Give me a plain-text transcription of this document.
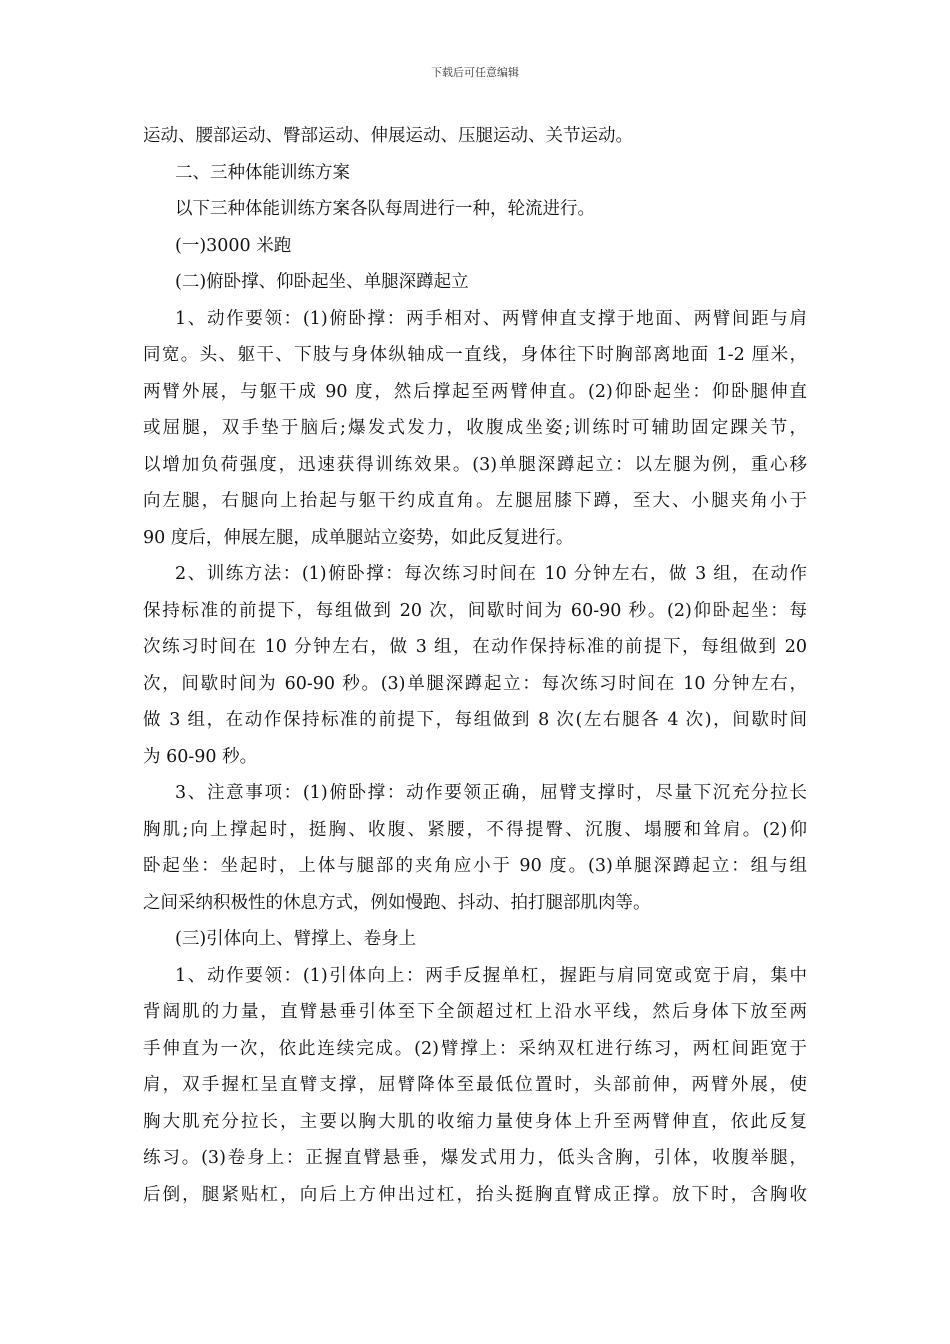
下载后可任意编辑
运动、腰部运动、臀部运动、伸展运动、压腿运动、关节运动。
二、三种体能训练方案
以下三种体能训练方案各队每周进行一种，轮流进行。
(一)3000 米跑
(二)俯卧撑、仰卧起坐、单腿深蹲起立
1、动作要领：(1)俯卧撑：两手相对、两臂伸直支撑于地面、两臂间距与肩
同宽。头、躯干、下肢与身体纵轴成一直线，身体往下时胸部离地面 1-2 厘米，
两臂外展，与躯干成 90 度，然后撑起至两臂伸直。(2)仰卧起坐：仰卧腿伸直
或屈腿，双手垫于脑后;爆发式发力，收腹成坐姿;训练时可辅助固定踝关节，
以增加负荷强度，迅速获得训练效果。(3)单腿深蹲起立：以左腿为例，重心移
向左腿，右腿向上抬起与躯干约成直角。左腿屈膝下蹲，至大、小腿夹角小于
90 度后，伸展左腿，成单腿站立姿势，如此反复进行。
2、训练方法：(1)俯卧撑：每次练习时间在 10 分钟左右，做 3 组，在动作
保持标准的前提下，每组做到 20 次，间歇时间为 60-90 秒。(2)仰卧起坐：每
次练习时间在 10 分钟左右，做 3 组，在动作保持标准的前提下，每组做到 20
次，间歇时间为 60-90 秒。(3)单腿深蹲起立：每次练习时间在 10 分钟左右，
做 3 组，在动作保持标准的前提下，每组做到 8 次(左右腿各 4 次)，间歇时间
为 60-90 秒。
3、注意事项：(1)俯卧撑：动作要领正确，屈臂支撑时，尽量下沉充分拉长
胸肌;向上撑起时，挺胸、收腹、紧腰，不得提臀、沉腹、塌腰和耸肩。(2)仰
卧起坐：坐起时，上体与腿部的夹角应小于 90 度。(3)单腿深蹲起立：组与组
之间采纳积极性的休息方式，例如慢跑、抖动、拍打腿部肌肉等。
(三)引体向上、臂撑上、卷身上
1、动作要领：(1)引体向上：两手反握单杠，握距与肩同宽或宽于肩，集中
背阔肌的力量，直臂悬垂引体至下全颌超过杠上沿水平线，然后身体下放至两
手伸直为一次，依此连续完成。(2)臂撑上：采纳双杠进行练习，两杠间距宽于
肩，双手握杠呈直臂支撑，屈臂降体至最低位置时，头部前伸，两臂外展，使
胸大肌充分拉长，主要以胸大肌的收缩力量使身体上升至两臂伸直，依此反复
练习。(3)卷身上：正握直臂悬垂，爆发式用力，低头含胸，引体，收腹举腿，
后倒，腿紧贴杠，向后上方伸出过杠，抬头挺胸直臂成正撑。放下时，含胸收
